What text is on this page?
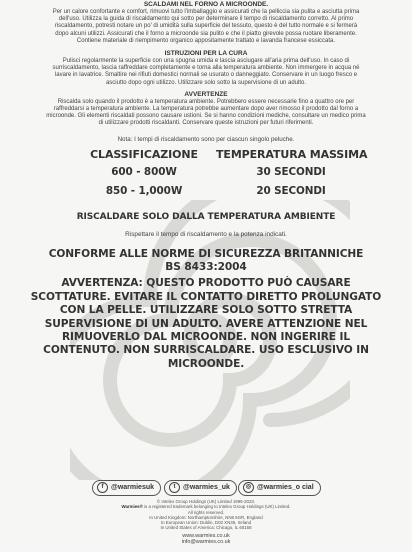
SCALDAMI NEL FORNO A MICROONDE.

Per un calore confortante e comfort, rimuovi tutto l'imballaggio e assicurati che la pelliccia sia pulita e asciutta prima dell'uso. Utilizza la guida di riscaldamento qui sotto per determinare il tempo di riscaldamento corretto. Al primo riscaldamento, potresti notare un po' di umidità sulla superficie del tessuto, questo è del tutto normale e si fermerà dopo alcuni utilizzi. Assicurati che il forno a microonde sia pulito e che il piatto girevole possa ruotare liberamente. Contiene materiale di riempimento organico appositamente trattato e lavanda francese essiccata.

ISTRUZIONI PER LA CURA

Pulisci regolarmente la superficie con una spugna umida e lascia asciugare all'aria prima dell'uso. In caso di surriscaldamento, lascia raffreddare completamente e torna alla temperatura ambiente. Non immergere in acqua né lavare in lavatrice. Smaltire nei rifiuti domestici normali se usurato o danneggiato. Conservare in un luogo fresco e asciutto dopo ogni utilizzo. Utilizzare solo sotto la supervisione di un adulto.

AVVERTENZE

Riscalda solo quando il prodotto è a temperatura ambiente. Potrebbero essere necessarie fino a quattro ore per raffreddarsi a temperatura ambiente. La temperatura potrebbe aumentare dopo aver rimosso il prodotto dal forno a microonde. Gli elementi riscaldati possono causare ustioni. Se si hanno condizioni mediche, consultare un medico prima di utilizzare prodotti riscaldanti. Conservare queste istruzioni per futuri riferimenti.

Nota: I tempi di riscaldamento sono per ciascun singolo peluche.
CLASSIFICAZIONE	TEMPERATURA MASSIMA
600 - 800W	30 SECONDI
850 - 1,000W	20 SECONDI
RISCALDARE SOLO DALLA TEMPERATURA AMBIENTE
Rispettare il tempo di riscaldamento e la potenza indicati.
CONFORME ALLE NORME DI SICUREZZA BRITANNICHE
BS 8433:2004
AVVERTENZA: QUESTO PRODOTTO PUÒ CAUSARE SCOTTATURE. EVITARE IL CONTATTO DIRETTO PROLUNGATO CON LA PELLE. UTILIZZARE SOLO SOTTO STRETTA SUPERVISIONE DI UN ADULTO. AVERE ATTENZIONE NEL RIMUOVERLO DAL MICROONDE. NON INGERIRE IL CONTENUTO. NON SURRISCALDARE. USO ESCLUSIVO IN MICROONDE.
f @warmiesuk	t @warmies_uk	◎ @warmies_o cial
© Intelex Group Holdings (UK) Limited 1995-2023.
Warmies® is a registered trademark belonging to Intelex Group Holdings (UK) Limited.
All rights reserved.
In United Kingdom: Northamptonshire, NN8 6GR, England
In European Union: Dublin, D02 XN36, Ireland
In United States of America: Chicago, IL 60158
www.warmies.co.uk
info@warmies.co.uk
